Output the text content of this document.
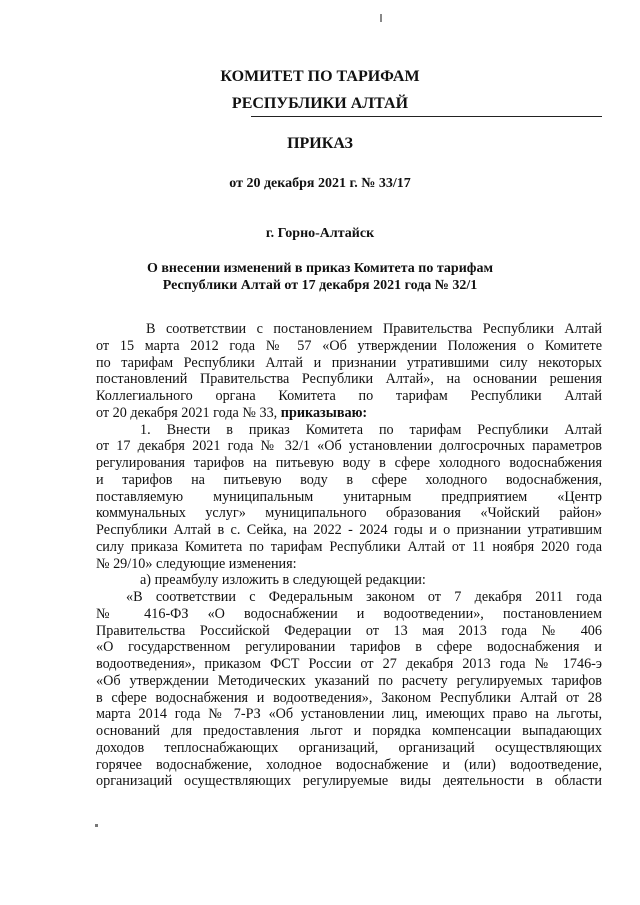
КОМИТЕТ ПО ТАРИФАМ
РЕСПУБЛИКИ АЛТАЙ
ПРИКАЗ
от 20 декабря 2021 г. № 33/17
г. Горно-Алтайск
О внесении изменений в приказ Комитета по тарифам
Республики Алтай от 17 декабря 2021 года № 32/1
В соответствии с постановлением Правительства Республики Алтай
от 15 марта 2012 года № 57 «Об утверждении Положения о Комитете
по тарифам Республики Алтай и признании утратившими силу некоторых
постановлений Правительства Республики Алтай», на основании решения
Коллегиального органа Комитета по тарифам Республики Алтай
от 20 декабря 2021 года № 33, приказываю:
1. Внести в приказ Комитета по тарифам Республики Алтай
от 17 декабря 2021 года № 32/1 «Об установлении долгосрочных параметров
регулирования тарифов на питьевую воду в сфере холодного водоснабжения
и тарифов на питьевую воду в сфере холодного водоснабжения,
поставляемую муниципальным унитарным предприятием «Центр
коммунальных услуг» муниципального образования «Чойский район»
Республики Алтай в с. Сейка, на 2022 - 2024 годы и о признании утратившим
силу приказа Комитета по тарифам Республики Алтай от 11 ноября 2020 года
№ 29/10» следующие изменения:
а) преамбулу изложить в следующей редакции:
«В соответствии с Федеральным законом от 7 декабря 2011 года
№ 416-ФЗ «О водоснабжении и водоотведении», постановлением
Правительства Российской Федерации от 13 мая 2013 года № 406
«О государственном регулировании тарифов в сфере водоснабжения и
водоотведения», приказом ФСТ России от 27 декабря 2013 года № 1746-э
«Об утверждении Методических указаний по расчету регулируемых тарифов
в сфере водоснабжения и водоотведения», Законом Республики Алтай от 28
марта 2014 года № 7-РЗ «Об установлении лиц, имеющих право на льготы,
оснований для предоставления льгот и порядка компенсации выпадающих
доходов теплоснабжающих организаций, организаций осуществляющих
горячее водоснабжение, холодное водоснабжение и (или) водоотведение,
организаций осуществляющих регулируемые виды деятельности в области
